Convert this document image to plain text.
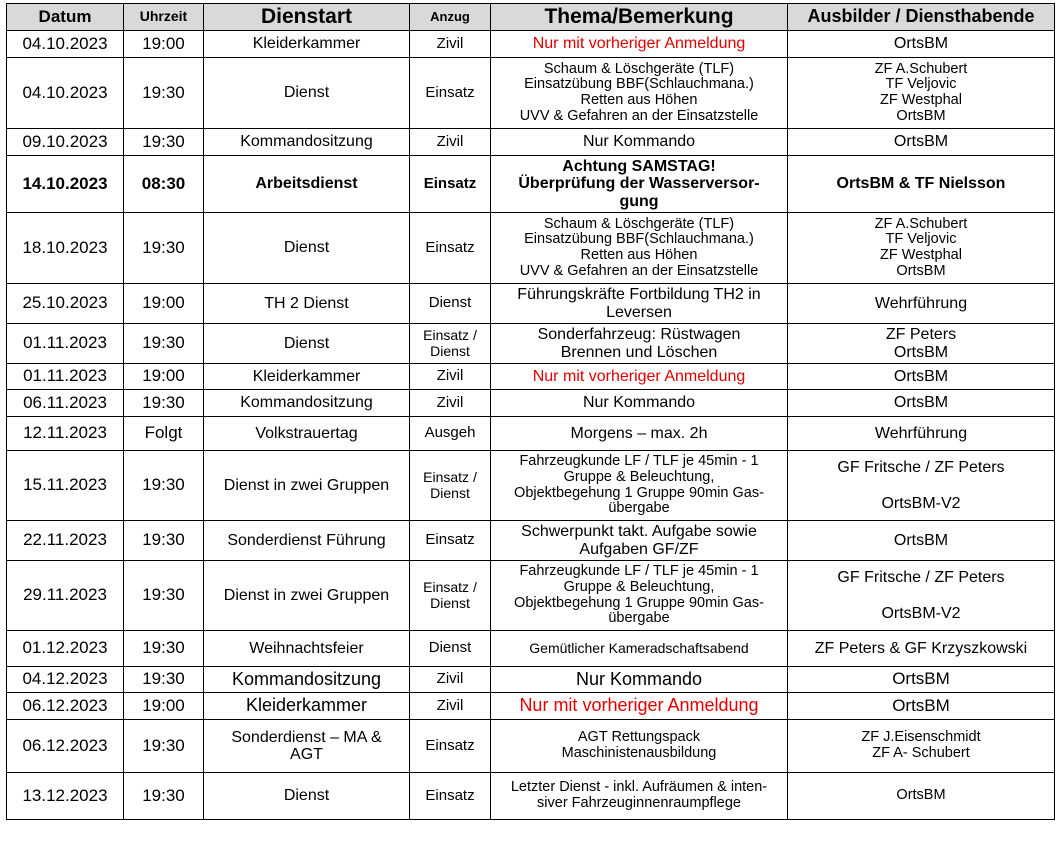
Datum	Uhrzeit	Dienstart	Anzug	Thema/Bemerkung	Ausbilder / Diensthabende
04.10.2023	19:00	Kleiderkammer	Zivil	Nur mit vorheriger Anmeldung	OrtsBM

04.10.2023	19:30	Dienst	Einsatz	Schaum & Löschgeräte (TLF)
Einsatzübung BBF(Schlauchmana.)
Retten aus Höhen
UVV & Gefahren an der Einsatzstelle	ZF A.Schubert
TF Veljovic
ZF Westphal
OrtsBM

09.10.2023	19:30	Kommandositzung	Zivil	Nur Kommando	OrtsBM

14.10.2023	08:30	Arbeitsdienst	Einsatz	Achtung SAMSTAG!
Überprüfung der Wasserversor-
gung	OrtsBM & TF Nielsson

18.10.2023	19:30	Dienst	Einsatz	Schaum & Löschgeräte (TLF)
Einsatzübung BBF(Schlauchmana.)
Retten aus Höhen
UVV & Gefahren an der Einsatzstelle	ZF A.Schubert
TF Veljovic
ZF Westphal
OrtsBM

25.10.2023	19:00	TH 2 Dienst	Dienst	Führungskräfte Fortbildung TH2 in
Leversen	Wehrführung

01.11.2023	19:30	Dienst	Einsatz /
Dienst	Sonderfahrzeug: Rüstwagen
Brennen und Löschen	ZF Peters
OrtsBM

01.11.2023	19:00	Kleiderkammer	Zivil	Nur mit vorheriger Anmeldung	OrtsBM

06.11.2023	19:30	Kommandositzung	Zivil	Nur Kommando	OrtsBM

12.11.2023	Folgt	Volkstrauertag	Ausgeh	Morgens – max. 2h	Wehrführung

15.11.2023	19:30	Dienst in zwei Gruppen	Einsatz /
Dienst	Fahrzeugkunde LF / TLF je 45min - 1
Gruppe & Beleuchtung,
Objektbegehung 1 Gruppe 90min Gas-
übergabe	GF Fritsche / ZF Peters
OrtsBM-V2

22.11.2023	19:30	Sonderdienst Führung	Einsatz	Schwerpunkt takt. Aufgabe sowie
Aufgaben GF/ZF	OrtsBM

29.11.2023	19:30	Dienst in zwei Gruppen	Einsatz /
Dienst	Fahrzeugkunde LF / TLF je 45min - 1
Gruppe & Beleuchtung,
Objektbegehung 1 Gruppe 90min Gas-
übergabe	GF Fritsche / ZF Peters
OrtsBM-V2

01.12.2023	19:30	Weihnachtsfeier	Dienst	Gemütlicher Kameradschaftsabend	ZF Peters & GF Krzyszkowski

04.12.2023	19:30	Kommandositzung	Zivil	Nur Kommando	OrtsBM

06.12.2023	19:00	Kleiderkammer	Zivil	Nur mit vorheriger Anmeldung	OrtsBM

06.12.2023	19:30	Sonderdienst – MA &
AGT	Einsatz	AGT Rettungspack
Maschinistenausbildung	ZF J.Eisenschmidt
ZF A- Schubert

13.12.2023	19:30	Dienst	Einsatz	Letzter Dienst - inkl. Aufräumen & inten-
siver Fahrzeuginnenraumpflege	OrtsBM
